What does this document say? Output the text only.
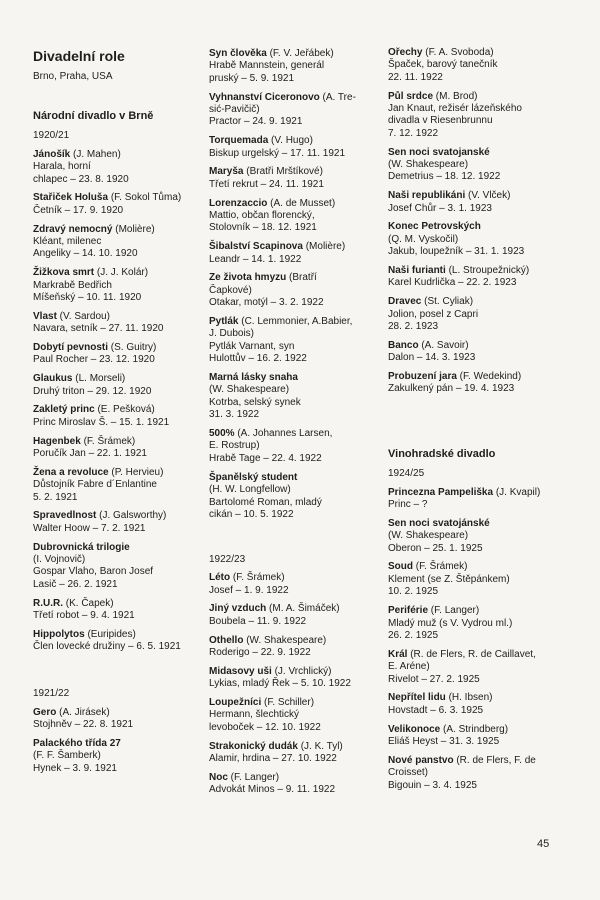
Divadelní role
Brno, Praha, USA
Národní divadlo v Brně
1920/21
Jánošík (J. Mahen)
Harala, horní
chlapec – 23. 8. 1920
Stařiček Holuša (F. Sokol Tůma)
Četník – 17. 9. 1920
Zdravý nemocný (Molière)
Kléant, milenec
Angeliky – 14. 10. 1920
Žižkova smrt (J. J. Kolár)
Markrabě Bedřich
Míšeňský – 10. 11. 1920
Vlast (V. Sardou)
Navara, setník – 27. 11. 1920
Dobytí pevnosti (S. Guitry)
Paul Rocher – 23. 12. 1920
Glaukus (L. Morseli)
Druhý triton – 29. 12. 1920
Zakletý princ (E. Pešková)
Princ Miroslav Š. – 15. 1. 1921
Hagenbek (F. Šrámek)
Poručík Jan – 22. 1. 1921
Žena a revoluce (P. Hervieu)
Důstojník Fabre d´Enlantine
5. 2. 1921
Spravedlnost (J. Galsworthy)
Walter Hoow – 7. 2. 1921
Dubrovnická trilogie
(I. Vojnovič)
Gospar Vlaho, Baron Josef
Lasič – 26. 2. 1921
R.U.R. (K. Čapek)
Třetí robot – 9. 4. 1921
Hippolytos (Euripides)
Člen lovecké družiny – 6. 5. 1921
1921/22
Gero (A. Jirásek)
Stojhněv – 22. 8. 1921
Palackého třída 27
(F. F. Šamberk)
Hynek – 3. 9. 1921
Syn člověka (F. V. Jeřábek)
Hrabě Mannstein, generál
pruský – 5. 9. 1921
Vyhnanství Ciceronovo (A. Tre-
sić-Pavičič)
Practor – 24. 9. 1921
Torquemada (V. Hugo)
Biskup urgelský – 17. 11. 1921
Maryša (Bratři Mrštíkové)
Třetí rekrut – 24. 11. 1921
Lorenzaccio (A. de Musset)
Mattio, občan florencký,
Stolovník – 18. 12. 1921
Šibalství Scapinova (Molière)
Leandr – 14. 1. 1922
Ze života hmyzu (Bratří
Čapkové)
Otakar, motýl – 3. 2. 1922
Pytlák (C. Lemmonier, A.Babier,
J. Dubois)
Pytlák Varnant, syn
Hulottův – 16. 2. 1922
Marná lásky snaha
(W. Shakespeare)
Kotrba, selský synek
31. 3. 1922
500% (A. Johannes Larsen,
E. Rostrup)
Hrabě Tage – 22. 4. 1922
Španělský student
(H. W. Longfellow)
Bartolomé Roman, mladý
cikán – 10. 5. 1922
1922/23
Léto (F. Šrámek)
Josef – 1. 9. 1922
Jiný vzduch (M. A. Šimáček)
Boubela – 11. 9. 1922
Othello (W. Shakespeare)
Roderigo – 22. 9. 1922
Midasovy uši (J. Vrchlický)
Lykias, mladý Řek – 5. 10. 1922
Loupežníci (F. Schiller)
Hermann, šlechtický
levoboček – 12. 10. 1922
Strakonický dudák (J. K. Tyl)
Alamir, hrdina – 27. 10. 1922
Noc (F. Langer)
Advokát Minos – 9. 11. 1922
Ořechy (F. A. Svoboda)
Špaček, barový tanečník
22. 11. 1922
Půl srdce (M. Brod)
Jan Knaut, režisér lázeňského
divadla v Riesenbrunnu
7. 12. 1922
Sen noci svatojanské
(W. Shakespeare)
Demetrius – 18. 12. 1922
Naši republikáni (V. Vlček)
Josef Chůr – 3. 1. 1923
Konec Petrovských
(Q. M. Vyskočil)
Jakub, loupežník – 31. 1. 1923
Naši furianti (L. Stroupežnický)
Karel Kudrlička – 22. 2. 1923
Dravec (St. Cyliak)
Jolion, posel z Capri
28. 2. 1923
Banco (A. Savoir)
Dalon – 14. 3. 1923
Probuzení jara (F. Wedekind)
Zakulkený pán – 19. 4. 1923
Vinohradské divadlo
1924/25
Princezna Pampeliška (J. Kvapil)
Princ – ?
Sen noci svatojánské
(W. Shakespeare)
Oberon – 25. 1. 1925
Soud (F. Šrámek)
Klement (se Z. Štěpánkem)
10. 2. 1925
Periférie (F. Langer)
Mladý muž (s V. Vydrou ml.)
26. 2. 1925
Král (R. de Flers, R. de Caillavet,
E. Aréne)
Rivelot – 27. 2. 1925
Nepřítel lidu (H. Ibsen)
Hovstadt – 6. 3. 1925
Velikonoce (A. Strindberg)
Eliáš Heyst – 31. 3. 1925
Nové panstvo (R. de Flers, F. de
Croisset)
Bigouin – 3. 4. 1925
45
